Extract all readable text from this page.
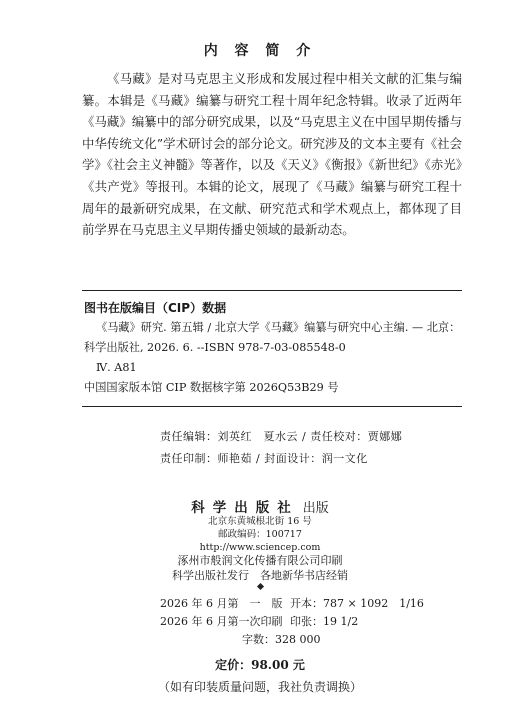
内 容 简 介

《马藏》是对马克思主义形成和发展过程中相关文献的汇集与编纂。本辑是《马藏》编纂与研究工程十周年纪念特辑。收录了近两年《马藏》编纂中的部分研究成果，以及“马克思主义在中国早期传播与中华传统文化”学术研讨会的部分论文。研究涉及的文本主要有《社会学》《社会主义神髓》等著作，以及《天义》《衡报》《新世纪》《赤光》《共产党》等报刊。本辑的论文，展现了《马藏》编纂与研究工程十周年的最新研究成果，在文献、研究范式和学术观点上，都体现了目前学界在马克思主义早期传播史领域的最新动态。

图书在版编目（CIP）数据
《马藏》研究. 第五辑 / 北京大学《马藏》编纂与研究中心主编. — 北京：
科学出版社, 2026. 6. --ISBN 978-7-03-085548-0
Ⅳ. A81
中国国家版本馆 CIP 数据核字第 2026Q53B29 号
责任编辑：刘英红　夏水云 / 责任校对：贾娜娜
责任印制：师艳茹 / 封面设计：润一文化
科学出版社 出版
北京东黄城根北街 16 号
邮政编码：100717
http://www.sciencep.com
涿州市般润文化传播有限公司印刷
科学出版社发行　各地新华书店经销
2026 年 6 月第　一　版 开本：787 × 1092　1/16
2026 年 6 月第一次印刷 印张：19 1/2
字数：328 000
定价：98.00 元
（如有印装质量问题，我社负责调换）
